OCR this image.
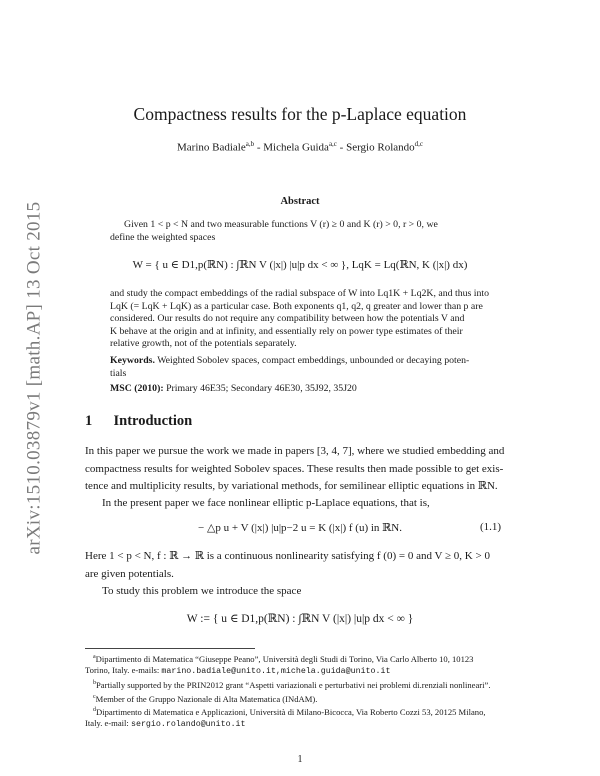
arXiv:1510.03879v1 [math.AP] 13 Oct 2015
Compactness results for the p-Laplace equation
Marino Badiale$^{a,b}$ - Michela Guida$^{a,c}$ - Sergio Rolando$^{d,c}$
Abstract
Given 1 < p < N and two measurable functions V (r) ≥ 0 and K (r) > 0, r > 0, we
define the weighted spaces
W = { u ∈ D1,p(ℝN) : ∫ℝN V (|x|) |u|p dx < ∞ }, LqK = Lq(ℝN, K (|x|) dx)
and study the compact embeddings of the radial subspace of W into Lq1K + Lq2K, and thus into
LqK (= LqK + LqK) as a particular case. Both exponents q1, q2, q greater and lower than p are
considered. Our results do not require any compatibility between how the potentials V and
K behave at the origin and at infinity, and essentially rely on power type estimates of their
relative growth, not of the potentials separately.
Keywords. Weighted Sobolev spaces, compact embeddings, unbounded or decaying poten-
tials
MSC (2010): Primary 46E35; Secondary 46E30, 35J92, 35J20
1 Introduction
In this paper we pursue the work we made in papers [3, 4, 7], where we studied embedding and
compactness results for weighted Sobolev spaces. These results then made possible to get exis-
tence and multiplicity results, by variational methods, for semilinear elliptic equations in ℝN.
In the present paper we face nonlinear elliptic p-Laplace equations, that is,
− △p u + V (|x|) |u|p−2 u = K (|x|) f (u) in ℝN.	(1.1)
Here 1 < p < N, f : ℝ → ℝ is a continuous nonlinearity satisfying f (0) = 0 and V ≥ 0, K > 0
are given potentials.
To study this problem we introduce the space
W := { u ∈ D1,p(ℝN) : ∫ℝN V (|x|) |u|p dx < ∞ }
$^a$Dipartimento di Matematica “Giuseppe Peano”, Università degli Studi di Torino, Via Carlo Alberto 10, 10123
Torino, Italy. e-mails: marino.badiale@unito.it,michela.guida@unito.it
$^b$Partially supported by the PRIN2012 grant “Aspetti variazionali e perturbativi nei problemi di.renziali nonlineari”.
$^c$Member of the Gruppo Nazionale di Alta Matematica (INdAM).
$^d$Dipartimento di Matematica e Applicazioni, Università di Milano-Bicocca, Via Roberto Cozzi 53, 20125 Milano,
Italy. e-mail: sergio.rolando@unito.it
1
